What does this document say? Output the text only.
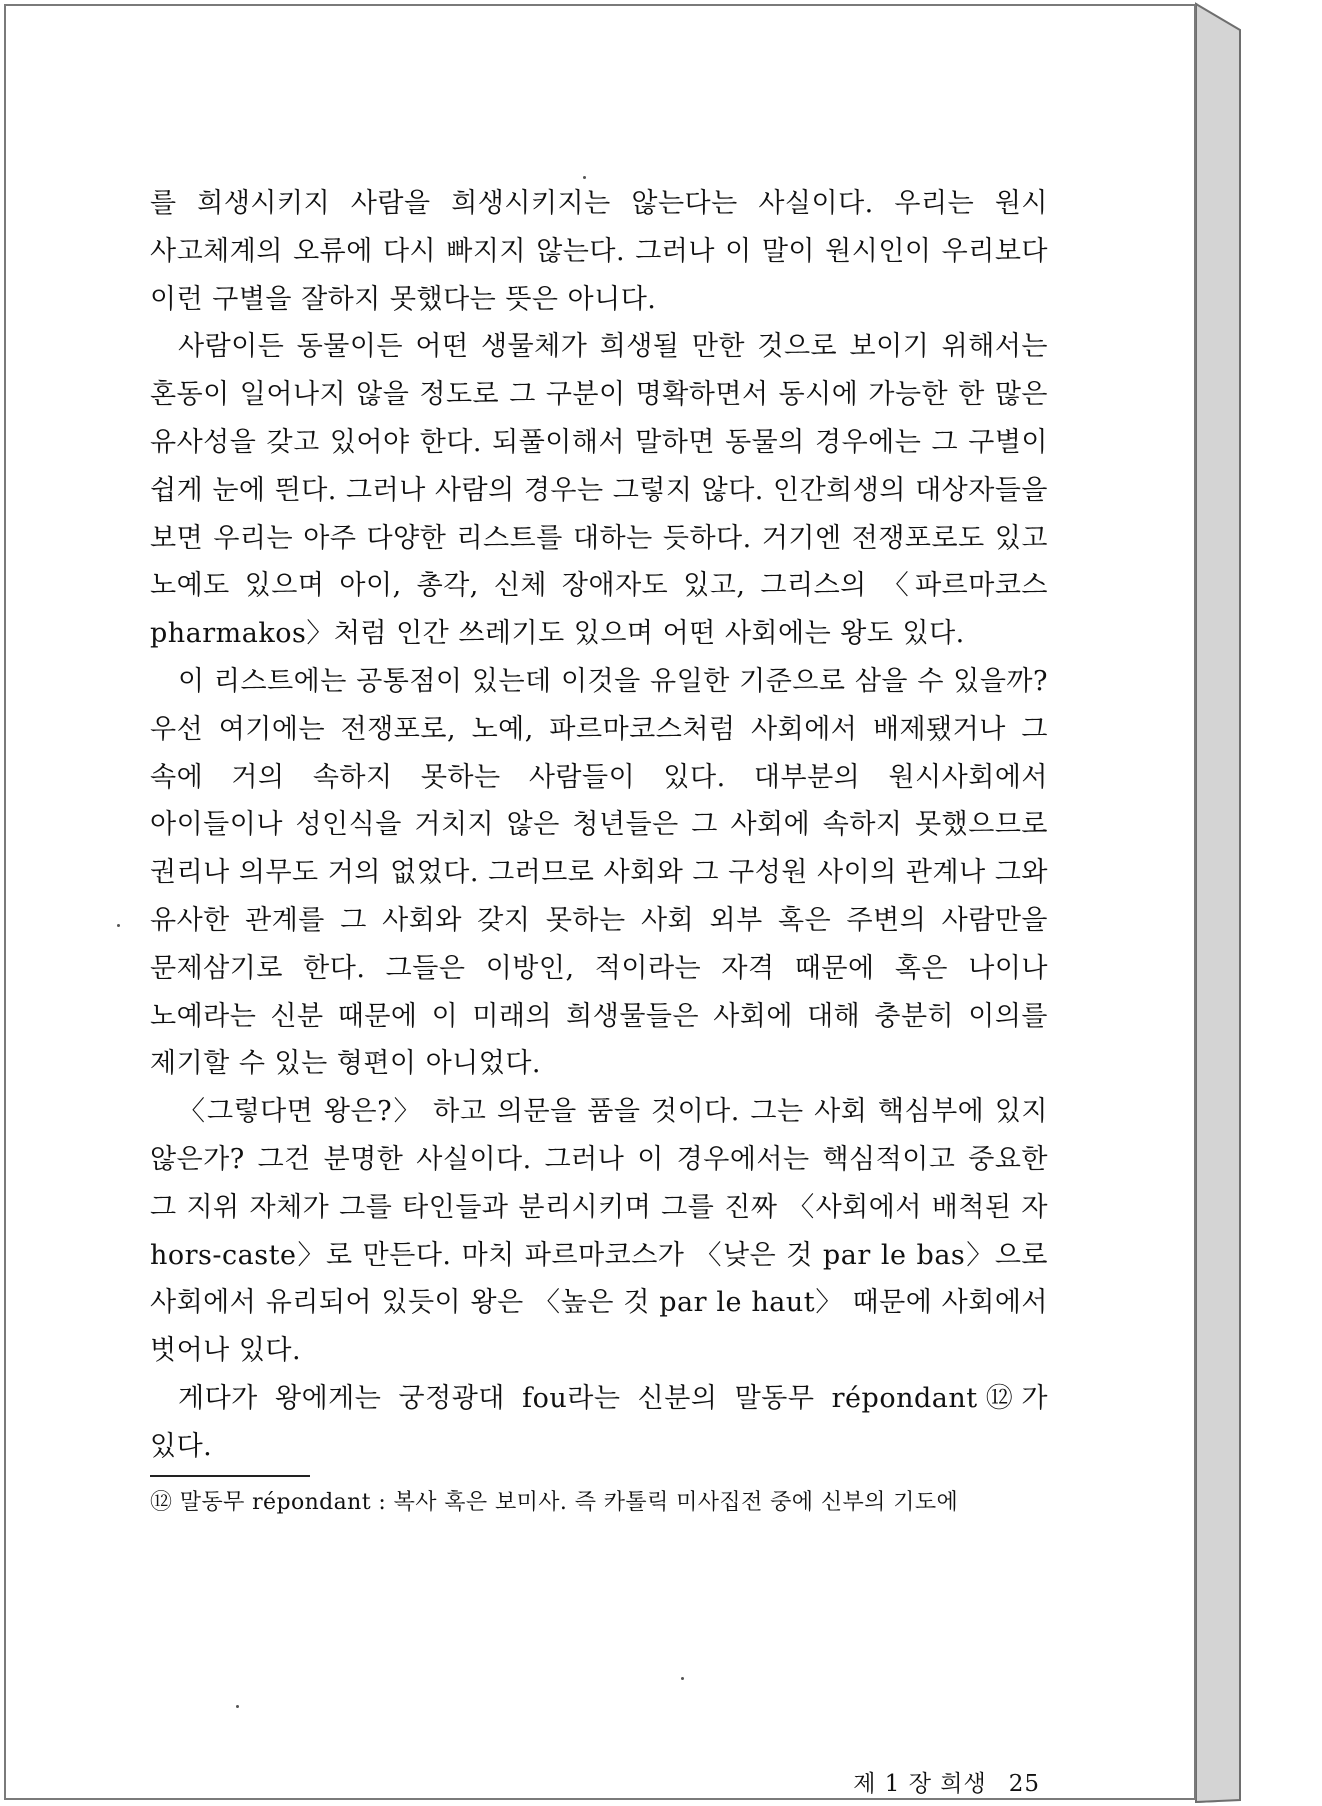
를 희생시키지 사람을 희생시키지는 않는다는 사실이다. 우리는 원시 사고체계의 오류에 다시 빠지지 않는다. 그러나 이 말이 원시인이 우리보다 이런 구별을 잘하지 못했다는 뜻은 아니다.

사람이든 동물이든 어떤 생물체가 희생될 만한 것으로 보이기 위해서는 혼동이 일어나지 않을 정도로 그 구분이 명확하면서 동시에 가능한 한 많은 유사성을 갖고 있어야 한다. 되풀이해서 말하면 동물의 경우에는 그 구별이 쉽게 눈에 띈다. 그러나 사람의 경우는 그렇지 않다. 인간희생의 대상자들을 보면 우리는 아주 다양한 리스트를 대하는 듯하다. 거기엔 전쟁포로도 있고 노예도 있으며 아이, 총각, 신체 장애자도 있고, 그리스의 〈파르마코스 pharmakos〉처럼 인간 쓰레기도 있으며 어떤 사회에는 왕도 있다.

이 리스트에는 공통점이 있는데 이것을 유일한 기준으로 삼을 수 있을까? 우선 여기에는 전쟁포로, 노예, 파르마코스처럼 사회에서 배제됐거나 그 속에 거의 속하지 못하는 사람들이 있다. 대부분의 원시사회에서 아이들이나 성인식을 거치지 않은 청년들은 그 사회에 속하지 못했으므로 권리나 의무도 거의 없었다. 그러므로 사회와 그 구성원 사이의 관계나 그와 유사한 관계를 그 사회와 갖지 못하는 사회 외부 혹은 주변의 사람만을 문제삼기로 한다. 그들은 이방인, 적이라는 자격 때문에 혹은 나이나 노예라는 신분 때문에 이 미래의 희생물들은 사회에 대해 충분히 이의를 제기할 수 있는 형편이 아니었다.

〈그렇다면 왕은?〉 하고 의문을 품을 것이다. 그는 사회 핵심부에 있지 않은가? 그건 분명한 사실이다. 그러나 이 경우에서는 핵심적이고 중요한 그 지위 자체가 그를 타인들과 분리시키며 그를 진짜 〈사회에서 배척된 자 hors-caste〉로 만든다. 마치 파르마코스가 〈낮은 것 par le bas〉으로 사회에서 유리되어 있듯이 왕은 〈높은 것 par le haut〉 때문에 사회에서 벗어나 있다.

게다가 왕에게는 궁정광대 fou라는 신분의 말동무 répondant⑫가 있다.

⑫ 말동무 répondant : 복사 혹은 보미사. 즉 카톨릭 미사집전 중에 신부의 기도에

제 1 장 희생 25
